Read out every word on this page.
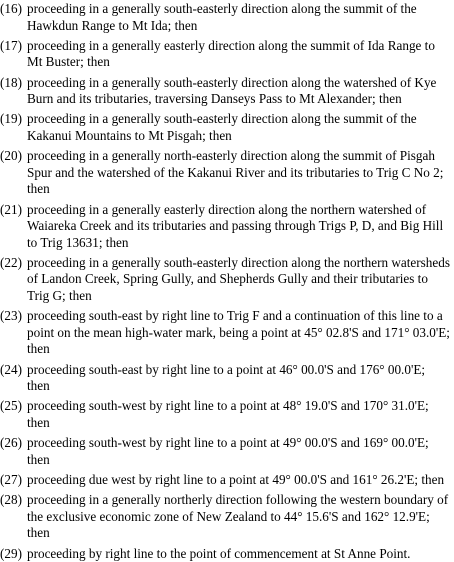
(16) proceeding in a generally south-easterly direction along the summit of the Hawkdun Range to Mt Ida; then
(17) proceeding in a generally easterly direction along the summit of Ida Range to Mt Buster; then
(18) proceeding in a generally south-easterly direction along the watershed of Kye Burn and its tributaries, traversing Danseys Pass to Mt Alexander; then
(19) proceeding in a generally south-easterly direction along the summit of the Kakanui Mountains to Mt Pisgah; then
(20) proceeding in a generally north-easterly direction along the summit of Pisgah Spur and the watershed of the Kakanui River and its tributaries to Trig C No 2; then
(21) proceeding in a generally easterly direction along the northern watershed of Waiareka Creek and its tributaries and passing through Trigs P, D, and Big Hill to Trig 13631; then
(22) proceeding in a generally south-easterly direction along the northern watersheds of Landon Creek, Spring Gully, and Shepherds Gully and their tributaries to Trig G; then
(23) proceeding south-east by right line to Trig F and a continuation of this line to a point on the mean high-water mark, being a point at 45° 02.8'S and 171° 03.0'E; then
(24) proceeding south-east by right line to a point at 46° 00.0'S and 176° 00.0'E; then
(25) proceeding south-west by right line to a point at 48° 19.0'S and 170° 31.0'E; then
(26) proceeding south-west by right line to a point at 49° 00.0'S and 169° 00.0'E; then
(27) proceeding due west by right line to a point at 49° 00.0'S and 161° 26.2'E; then
(28) proceeding in a generally northerly direction following the western boundary of the exclusive economic zone of New Zealand to 44° 15.6'S and 162° 12.9'E; then
(29) proceeding by right line to the point of commencement at St Anne Point.
